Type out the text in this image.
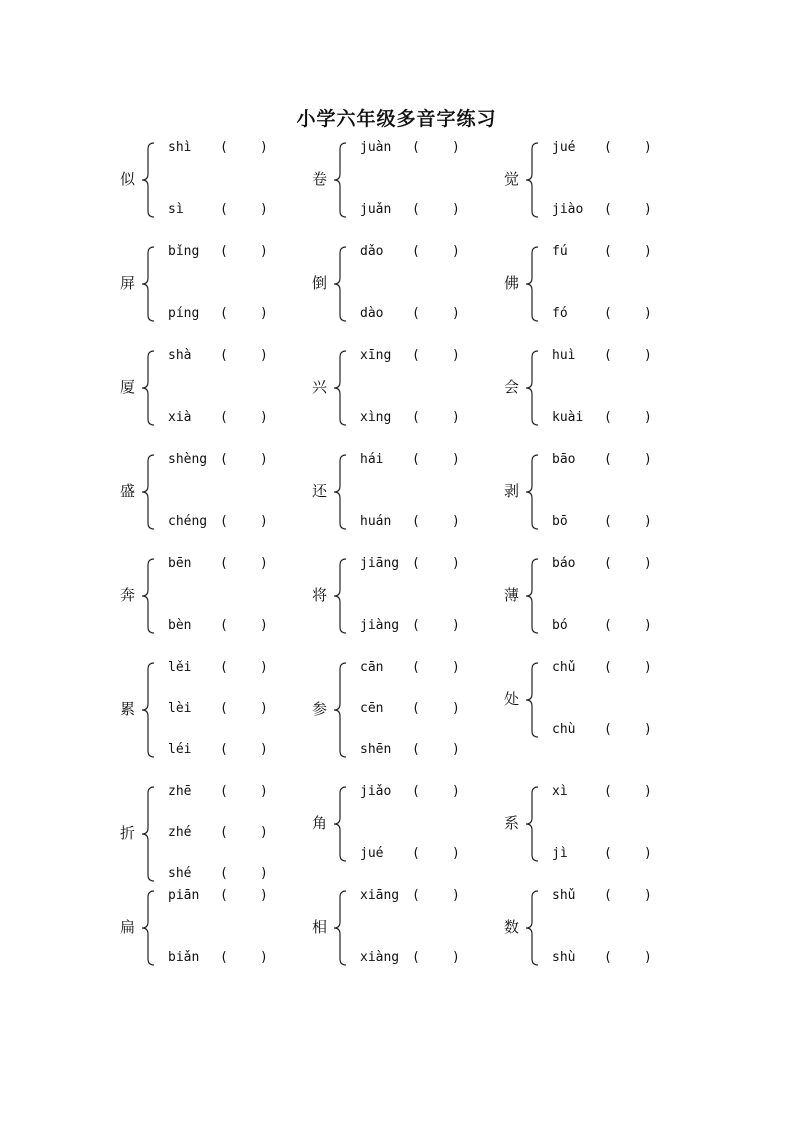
小学六年级多音字练习
似
shì ( )
sì	( )
卷
juàn ( )
juǎn ( )
觉
jué ( )
jiào ( )
屏
bǐng ( )
píng ( )
倒
dǎo ( )
dào ( )
佛
fú	( )
fó	( )
厦
shà ( )
xià ( )
兴
xīng ( )
xìng ( )
会
huì ( )
kuài ( )
盛
shèng ( )
chéng ( )
还
hái ( )
huán ( )
剥
bāo ( )
bō	( )
奔
bēn ( )
bèn ( )
将
jiāng ( )
jiàng ( )
薄
báo ( )
bó	( )
累
lěi ( )
lèi ( )
léi ( )
参
cān ( )
cēn ( )
shēn ( )
处
chǔ ( )
chù ( )
折
zhē ( )
zhé ( )
shé ( )
角
jiǎo ( )
jué ( )
系
xì	( )
jì	( )
扁
piān ( )
biǎn ( )
相
xiāng ( )
xiàng ( )
数
shǔ ( )
shù ( )
